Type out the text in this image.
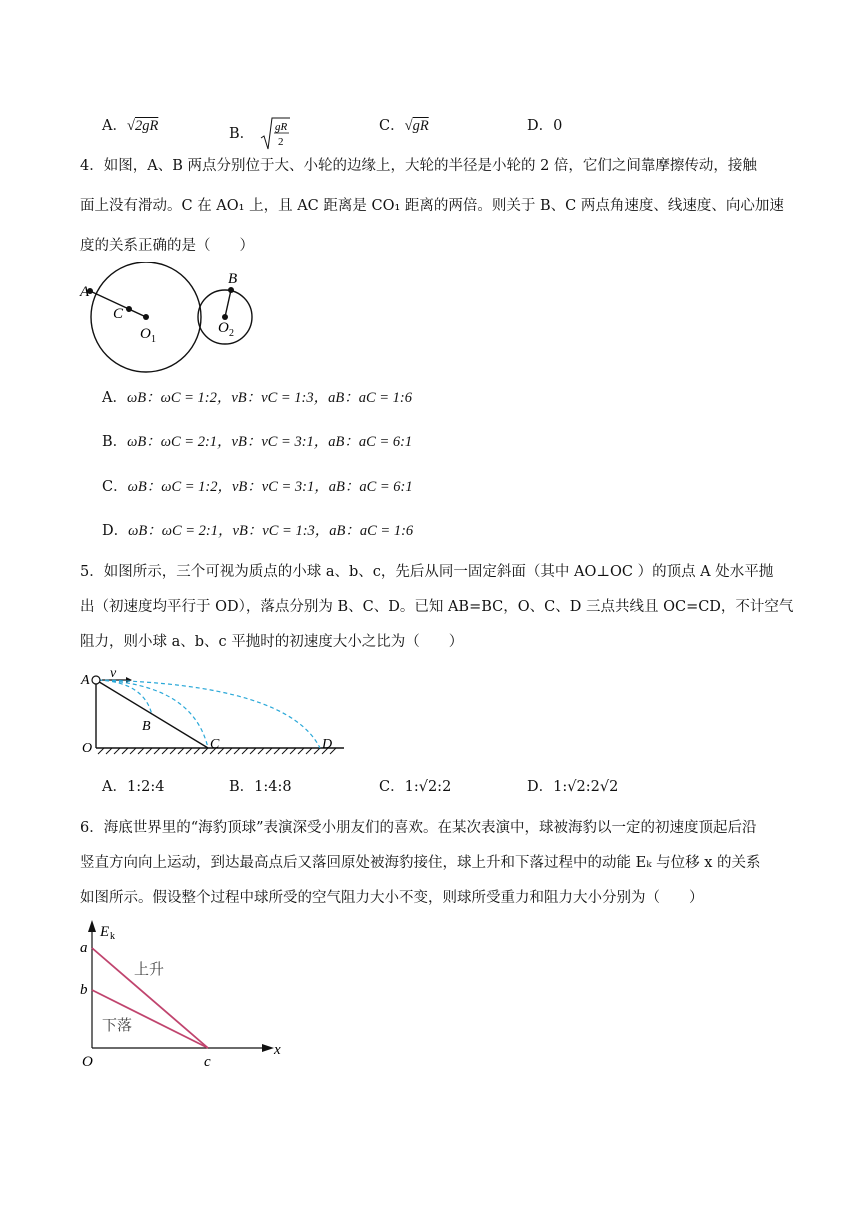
A．√2gR	B． gR
2
C．√gR	D．0
4．如图，A、B 两点分别位于大、小轮的边缘上，大轮的半径是小轮的 2 倍，它们之间靠摩擦传动，接触
面上没有滑动。C 在 AO₁ 上，且 AC 距离是 CO₁ 距离的两倍。则关于 B、C 两点角速度、线速度、向心加速
度的关系正确的是（　　）
A
C
O 1
B
O 2
A．ωB：ωC = 1:2，vB：vC = 1:3，aB：aC = 1:6
B．ωB：ωC = 2:1，vB：vC = 3:1，aB：aC = 6:1
C．ωB：ωC = 1:2，vB：vC = 3:1，aB：aC = 6:1
D．ωB：ωC = 2:1，vB：vC = 1:3，aB：aC = 1:6
5．如图所示，三个可视为质点的小球 a、b、c，先后从同一固定斜面（其中 AO⊥OC ）的顶点 A 处水平抛
出（初速度均平行于 OD），落点分别为 B、C、D。已知 AB=BC，O、C、D 三点共线且 OC=CD，不计空气
阻力，则小球 a、b、c 平抛时的初速度大小之比为（　　）
A v
B
O	C	D
A．1:2:4	B．1:4:8	C．1:√2:2	D．1:√2:2√2
6．海底世界里的“海豹顶球”表演深受小朋友们的喜欢。在某次表演中，球被海豹以一定的初速度顶起后沿
竖直方向向上运动，到达最高点后又落回原处被海豹接住，球上升和下落过程中的动能 Eₖ 与位移 x 的关系
如图所示。假设整个过程中球所受的空气阻力大小不变，则球所受重力和阻力大小分别为（　　）
E k
a
b
O	c
x
上升
下落
